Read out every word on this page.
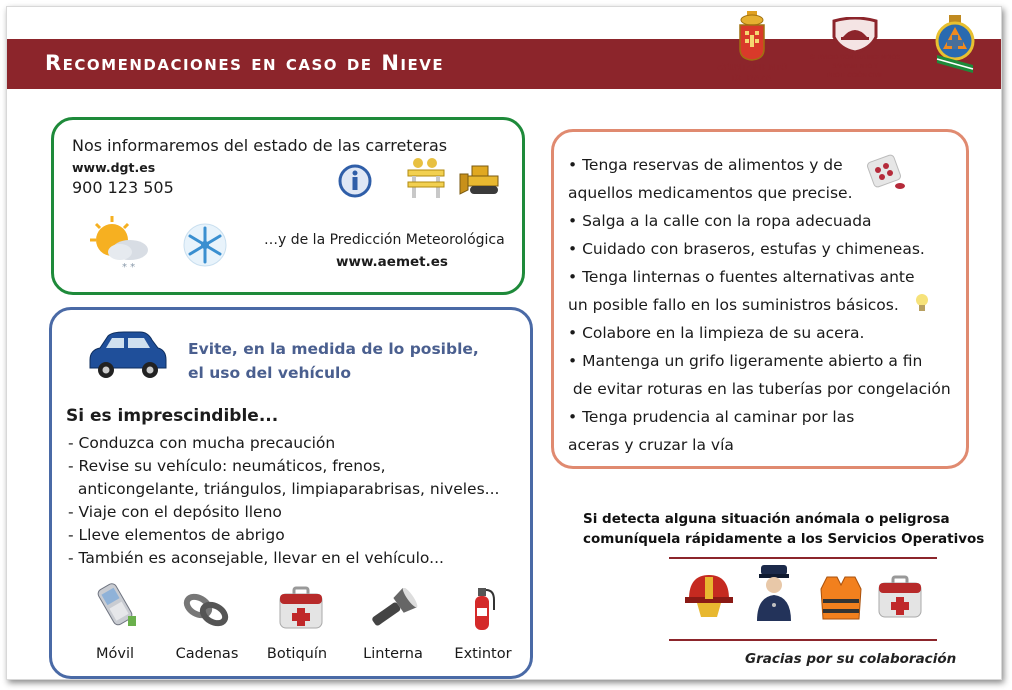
Recomendaciones en caso de Nieve	AYUNTAMIENTO
DE BAZA
SERVICIO CONTRA INCENDIOS
SALVAMENTO Y
PROTECCIÓN CIVIL
Nos informaremos del estado de las carreteras
www.dgt.es
900 123 505
* *
…y de la Predicción Meteorológica
www.aemet.es
Evite, en la medida de lo posible,
el uso del vehículo
Si es imprescindible...
- Conduzca con mucha precaución
- Revise su vehículo: neumáticos, frenos,
anticongelante, triángulos, limpiaparabrisas, niveles...
- Viaje con el depósito lleno
- Lleve elementos de abrigo
- También es aconsejable, llevar en el vehículo...
Móvil	Cadenas	Botiquín	Linterna	Extintor
• Tenga reservas de alimentos y de
aquellos medicamentos que precise.
• Salga a la calle con la ropa adecuada
• Cuidado con braseros, estufas y chimeneas.
• Tenga linternas o fuentes alternativas ante
un posible fallo en los suministros básicos.
• Colabore en la limpieza de su acera.
• Mantenga un grifo ligeramente abierto a fin
de evitar roturas en las tuberías por congelación
• Tenga prudencia al caminar por las
aceras y cruzar la vía
Si detecta alguna situación anómala o peligrosa
comuníquela rápidamente a los Servicios Operativos
Gracias por su colaboración
